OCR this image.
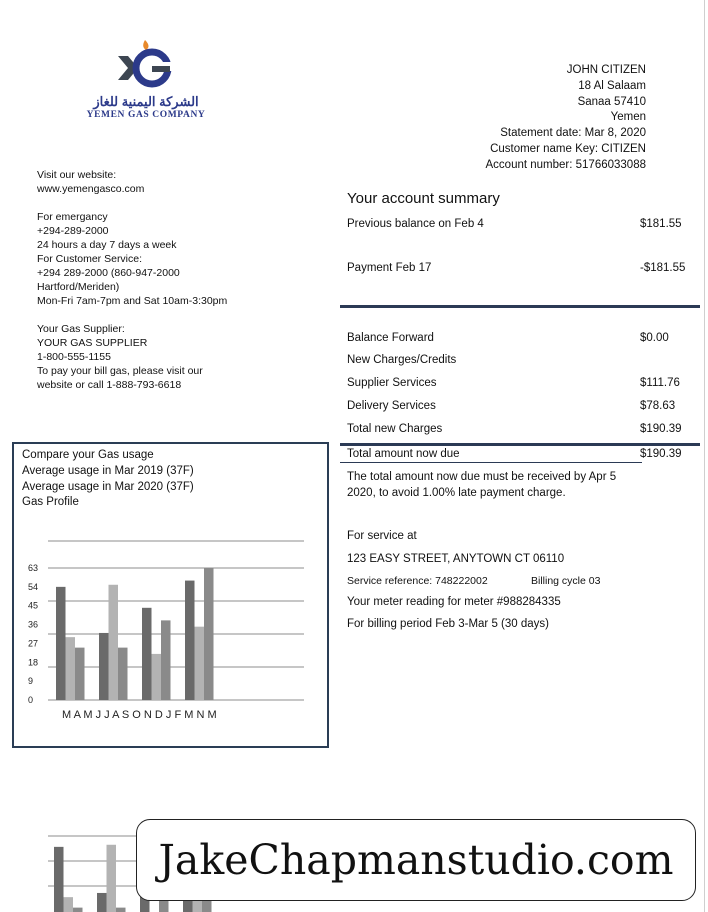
الشركة اليمنية للغاز
YEMEN GAS COMPANY
JOHN CITIZEN
18 Al Salaam
Sanaa 57410
Yemen
Statement date: Mar 8, 2020
Customer name Key: CITIZEN
Account number: 51766033088
Visit our website:
www.yemengasco.com
For emergancy
+294-289-2000
24 hours a day 7 days a week
For Customer Service:
+294 289-2000 (860-947-2000
Hartford/Meriden)
Mon-Fri 7am-7pm and Sat 10am-3:30pm
Your Gas Supplier:
YOUR GAS SUPPLIER
1-800-555-1155
To pay your bill gas, please visit our
website or call 1-888-793-6618
Your account summary
Previous balance on Feb 4	$181.55
Payment Feb 17	-$181.55
Balance Forward	$0.00
New Charges/Credits
Supplier Services	$111.76
Delivery Services	$78.63
Total new Charges	$190.39
Total amount now due	$190.39
The total amount now due must be received by Apr 5
2020, to avoid 1.00% late payment charge.
For service at
123 EASY STREET, ANYTOWN CT 06110
Service reference: 748222002	Billing cycle 03
Your meter reading for meter #988284335
For billing period Feb 3-Mar 5 (30 days)
Compare your Gas usage
Average usage in Mar 2019 (37F)
Average usage in Mar 2020 (37F)
Gas Profile
0
9
18
27
36
45
54
63
M A M J J A S O N D J F M N M
JakeChapmanstudio.com
